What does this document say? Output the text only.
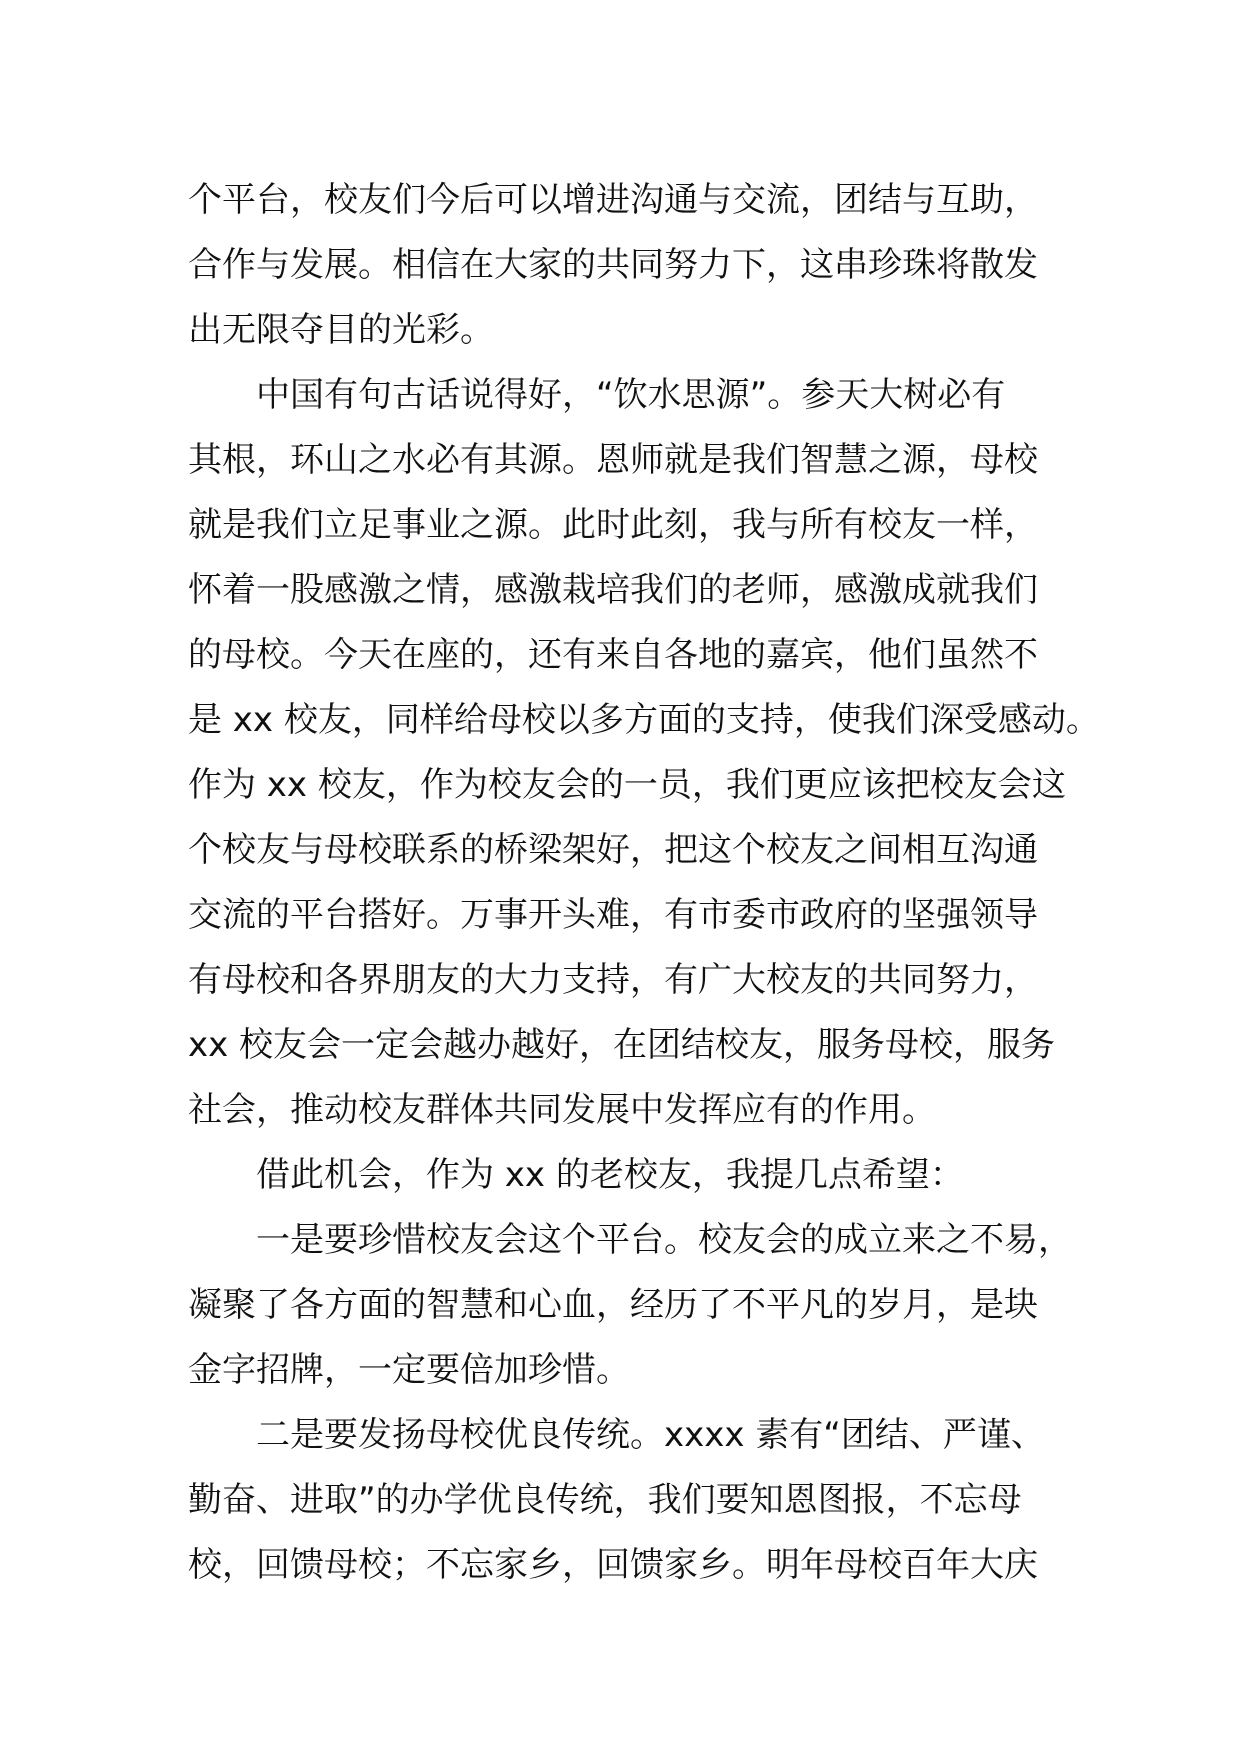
个平台，校友们今后可以增进沟通与交流，团结与互助，
合作与发展。相信在大家的共同努力下，这串珍珠将散发
出无限夺目的光彩。
中国有句古话说得好，“饮水思源”。参天大树必有
其根，环山之水必有其源。恩师就是我们智慧之源，母校
就是我们立足事业之源。此时此刻，我与所有校友一样，
怀着一股感激之情，感激栽培我们的老师，感激成就我们
的母校。今天在座的，还有来自各地的嘉宾，他们虽然不
是 xx 校友，同样给母校以多方面的支持，使我们深受感动。
作为 xx 校友，作为校友会的一员，我们更应该把校友会这
个校友与母校联系的桥梁架好，把这个校友之间相互沟通
交流的平台搭好。万事开头难，有市委市政府的坚强领导
有母校和各界朋友的大力支持，有广大校友的共同努力，
xx 校友会一定会越办越好，在团结校友，服务母校，服务
社会，推动校友群体共同发展中发挥应有的作用。
借此机会，作为 xx 的老校友，我提几点希望：
一是要珍惜校友会这个平台。校友会的成立来之不易，
凝聚了各方面的智慧和心血，经历了不平凡的岁月，是块
金字招牌，一定要倍加珍惜。
二是要发扬母校优良传统。xxxx 素有“团结、严谨、
勤奋、进取”的办学优良传统，我们要知恩图报，不忘母
校，回馈母校；不忘家乡，回馈家乡。明年母校百年大庆
